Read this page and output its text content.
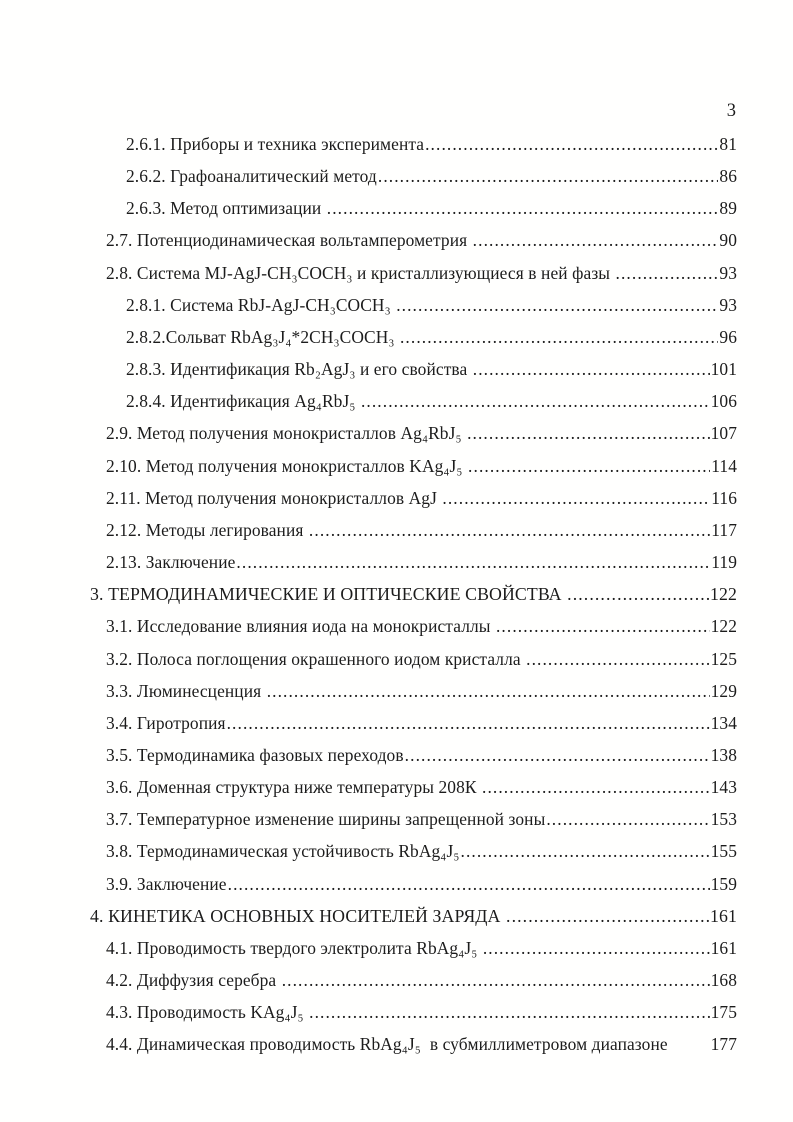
3
2.6.1. Приборы и техника эксперимента .....	81
2.6.2. Графоаналитический метод .....	86
2.6.3. Метод оптимизации .....	89
2.7. Потенциодинамическая вольтамперометрия .....	90
2.8. Система MJ-AgJ-CH₃COCH₃ и кристаллизующиеся в ней фазы .....	93
2.8.1. Система RbJ-AgJ-CH₃COCH₃ .....	93
2.8.2.Сольват RbAg₃J₄*2CH₃COCH₃ .....	96
2.8.3. Идентификация Rb₂AgJ₃ и его свойства .....	101
2.8.4. Идентификация Ag₄RbJ₅ .....	106
2.9. Метод получения монокристаллов Ag₄RbJ₅ .....	107
2.10. Метод получения монокристаллов KAg₄J₅ .....	114
2.11. Метод получения монокристаллов AgJ .....	116
2.12. Методы легирования .....	117
2.13. Заключение .....	119
3. ТЕРМОДИНАМИЧЕСКИЕ И ОПТИЧЕСКИЕ СВОЙСТВА .....	122
3.1. Исследование влияния иода на монокристаллы .....	122
3.2. Полоса поглощения окрашенного иодом кристалла .....	125
3.3. Люминесценция .....	129
3.4. Гиротропия .....	134
3.5. Термодинамика фазовых переходов .....	138
3.6. Доменная структура ниже температуры 208К .....	143
3.7. Температурное изменение ширины запрещенной зоны .....	153
3.8. Термодинамическая устойчивость RbAg₄J₅ .....	155
3.9. Заключение .....	159
4. КИНЕТИКА ОСНОВНЫХ НОСИТЕЛЕЙ ЗАРЯДА .....	161
4.1. Проводимость твердого электролита RbAg₄J₅ .....	161
4.2. Диффузия серебра .....	168
4.3. Проводимость KAg₄J₅ .....	175
4.4. Динамическая проводимость RbAg₄J₅  в субмиллиметровом диапазоне 177
